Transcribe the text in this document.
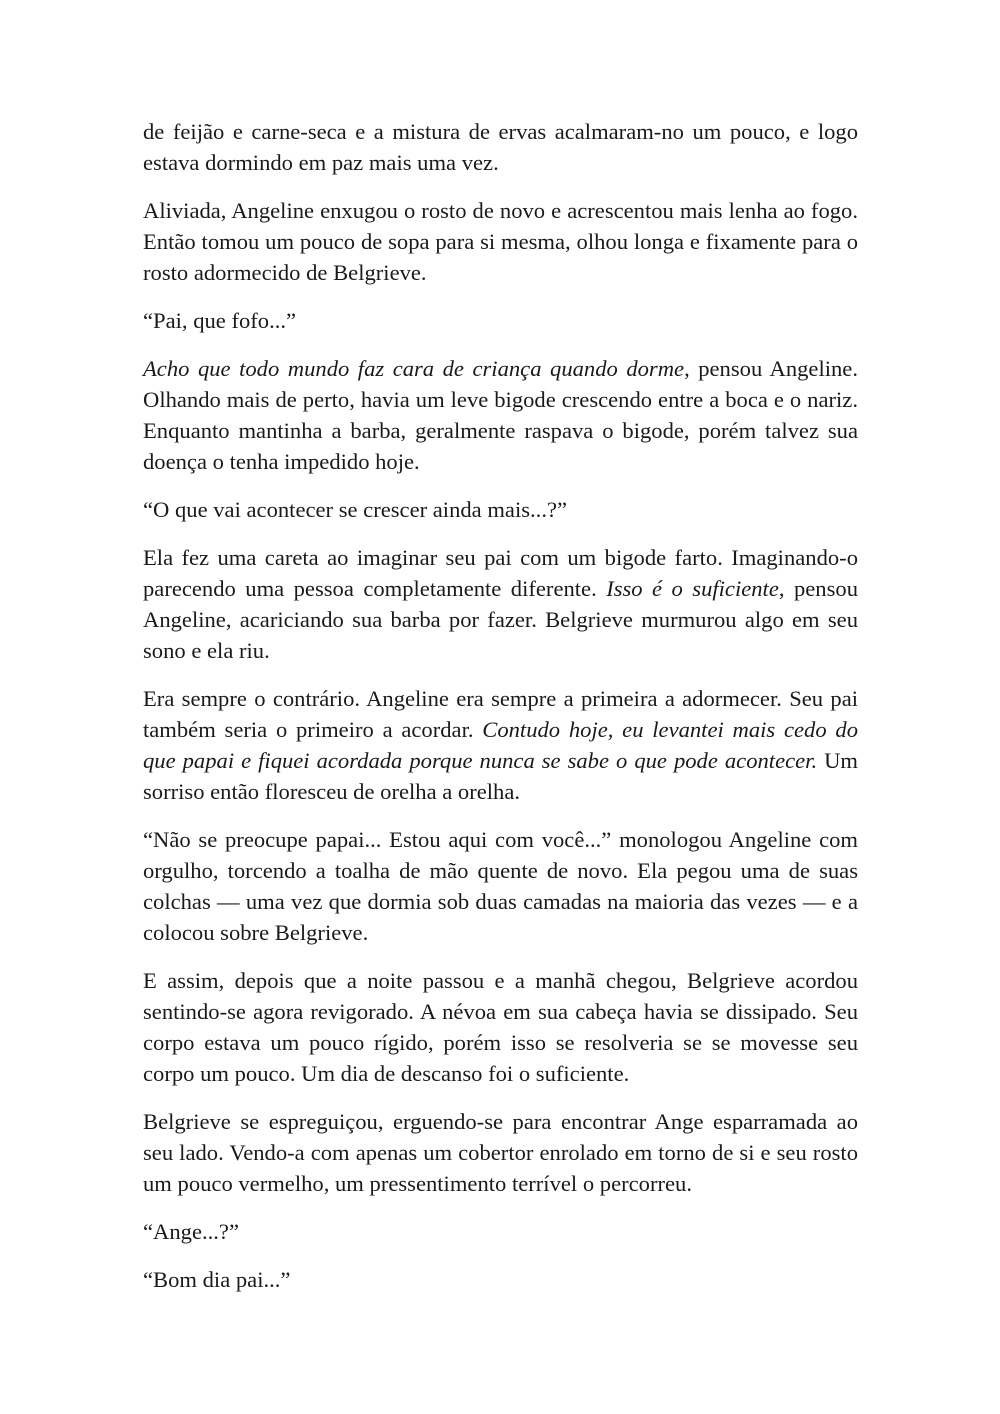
de feijão e carne-seca e a mistura de ervas acalmaram-no um pouco, e logo estava dormindo em paz mais uma vez.

Aliviada, Angeline enxugou o rosto de novo e acrescentou mais lenha ao fogo. Então tomou um pouco de sopa para si mesma, olhou longa e fixamente para o rosto adormecido de Belgrieve.

“Pai, que fofo...”

Acho que todo mundo faz cara de criança quando dorme, pensou Angeline. Olhando mais de perto, havia um leve bigode crescendo entre a boca e o nariz. Enquanto mantinha a barba, geralmente raspava o bigode, porém talvez sua doença o tenha impedido hoje.

“O que vai acontecer se crescer ainda mais...?”

Ela fez uma careta ao imaginar seu pai com um bigode farto. Imaginando-o parecendo uma pessoa completamente diferente. Isso é o suficiente, pensou Angeline, acariciando sua barba por fazer. Belgrieve murmurou algo em seu sono e ela riu.

Era sempre o contrário. Angeline era sempre a primeira a adormecer. Seu pai também seria o primeiro a acordar. Contudo hoje, eu levantei mais cedo do que papai e fiquei acordada porque nunca se sabe o que pode acontecer. Um sorriso então floresceu de orelha a orelha.

“Não se preocupe papai... Estou aqui com você...” monologou Angeline com orgulho, torcendo a toalha de mão quente de novo. Ela pegou uma de suas colchas — uma vez que dormia sob duas camadas na maioria das vezes — e a colocou sobre Belgrieve.

E assim, depois que a noite passou e a manhã chegou, Belgrieve acordou sentindo-se agora revigorado. A névoa em sua cabeça havia se dissipado. Seu corpo estava um pouco rígido, porém isso se resolveria se se movesse seu corpo um pouco. Um dia de descanso foi o suficiente.

Belgrieve se espreguiçou, erguendo-se para encontrar Ange esparramada ao seu lado. Vendo-a com apenas um cobertor enrolado em torno de si e seu rosto um pouco vermelho, um pressentimento terrível o percorreu.

“Ange...?”

“Bom dia pai...”
